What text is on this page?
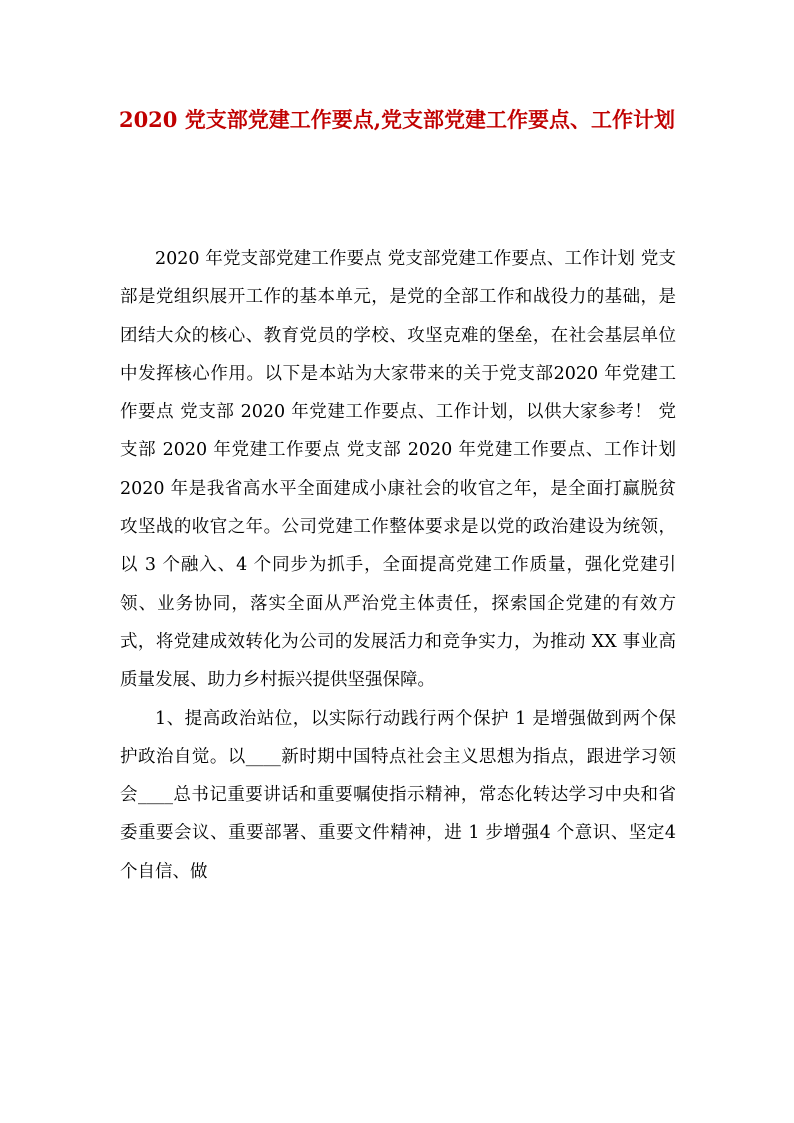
2020 党支部党建工作要点,党支部党建工作要点、工作计划

2020 年党支部党建工作要点 党支部党建工作要点、工作计划 党支部是党组织展开工作的基本单元，是党的全部工作和战役力的基础，是团结大众的核心、教育党员的学校、攻坚克难的堡垒，在社会基层单位中发挥核心作用。以下是本站为大家带来的关于党支部2020 年党建工作要点 党支部 2020 年党建工作要点、工作计划，以供大家参考！ 党支部 2020 年党建工作要点 党支部 2020 年党建工作要点、工作计划 2020 年是我省高水平全面建成小康社会的收官之年，是全面打赢脱贫攻坚战的收官之年。公司党建工作整体要求是以党的政治建设为统领，以 3 个融入、4 个同步为抓手，全面提高党建工作质量，强化党建引领、业务协同，落实全面从严治党主体责任，探索国企党建的有效方式，将党建成效转化为公司的发展活力和竞争实力，为推动 XX 事业高质量发展、助力乡村振兴提供坚强保障。

1、提高政治站位，以实际行动践行两个保护 1 是增强做到两个保护政治自觉。以____新时期中国特点社会主义思想为指点，跟进学习领会____总书记重要讲话和重要嘱使指示精神，常态化转达学习中央和省委重要会议、重要部署、重要文件精神，进 1 步增强4 个意识、坚定4 个自信、做
